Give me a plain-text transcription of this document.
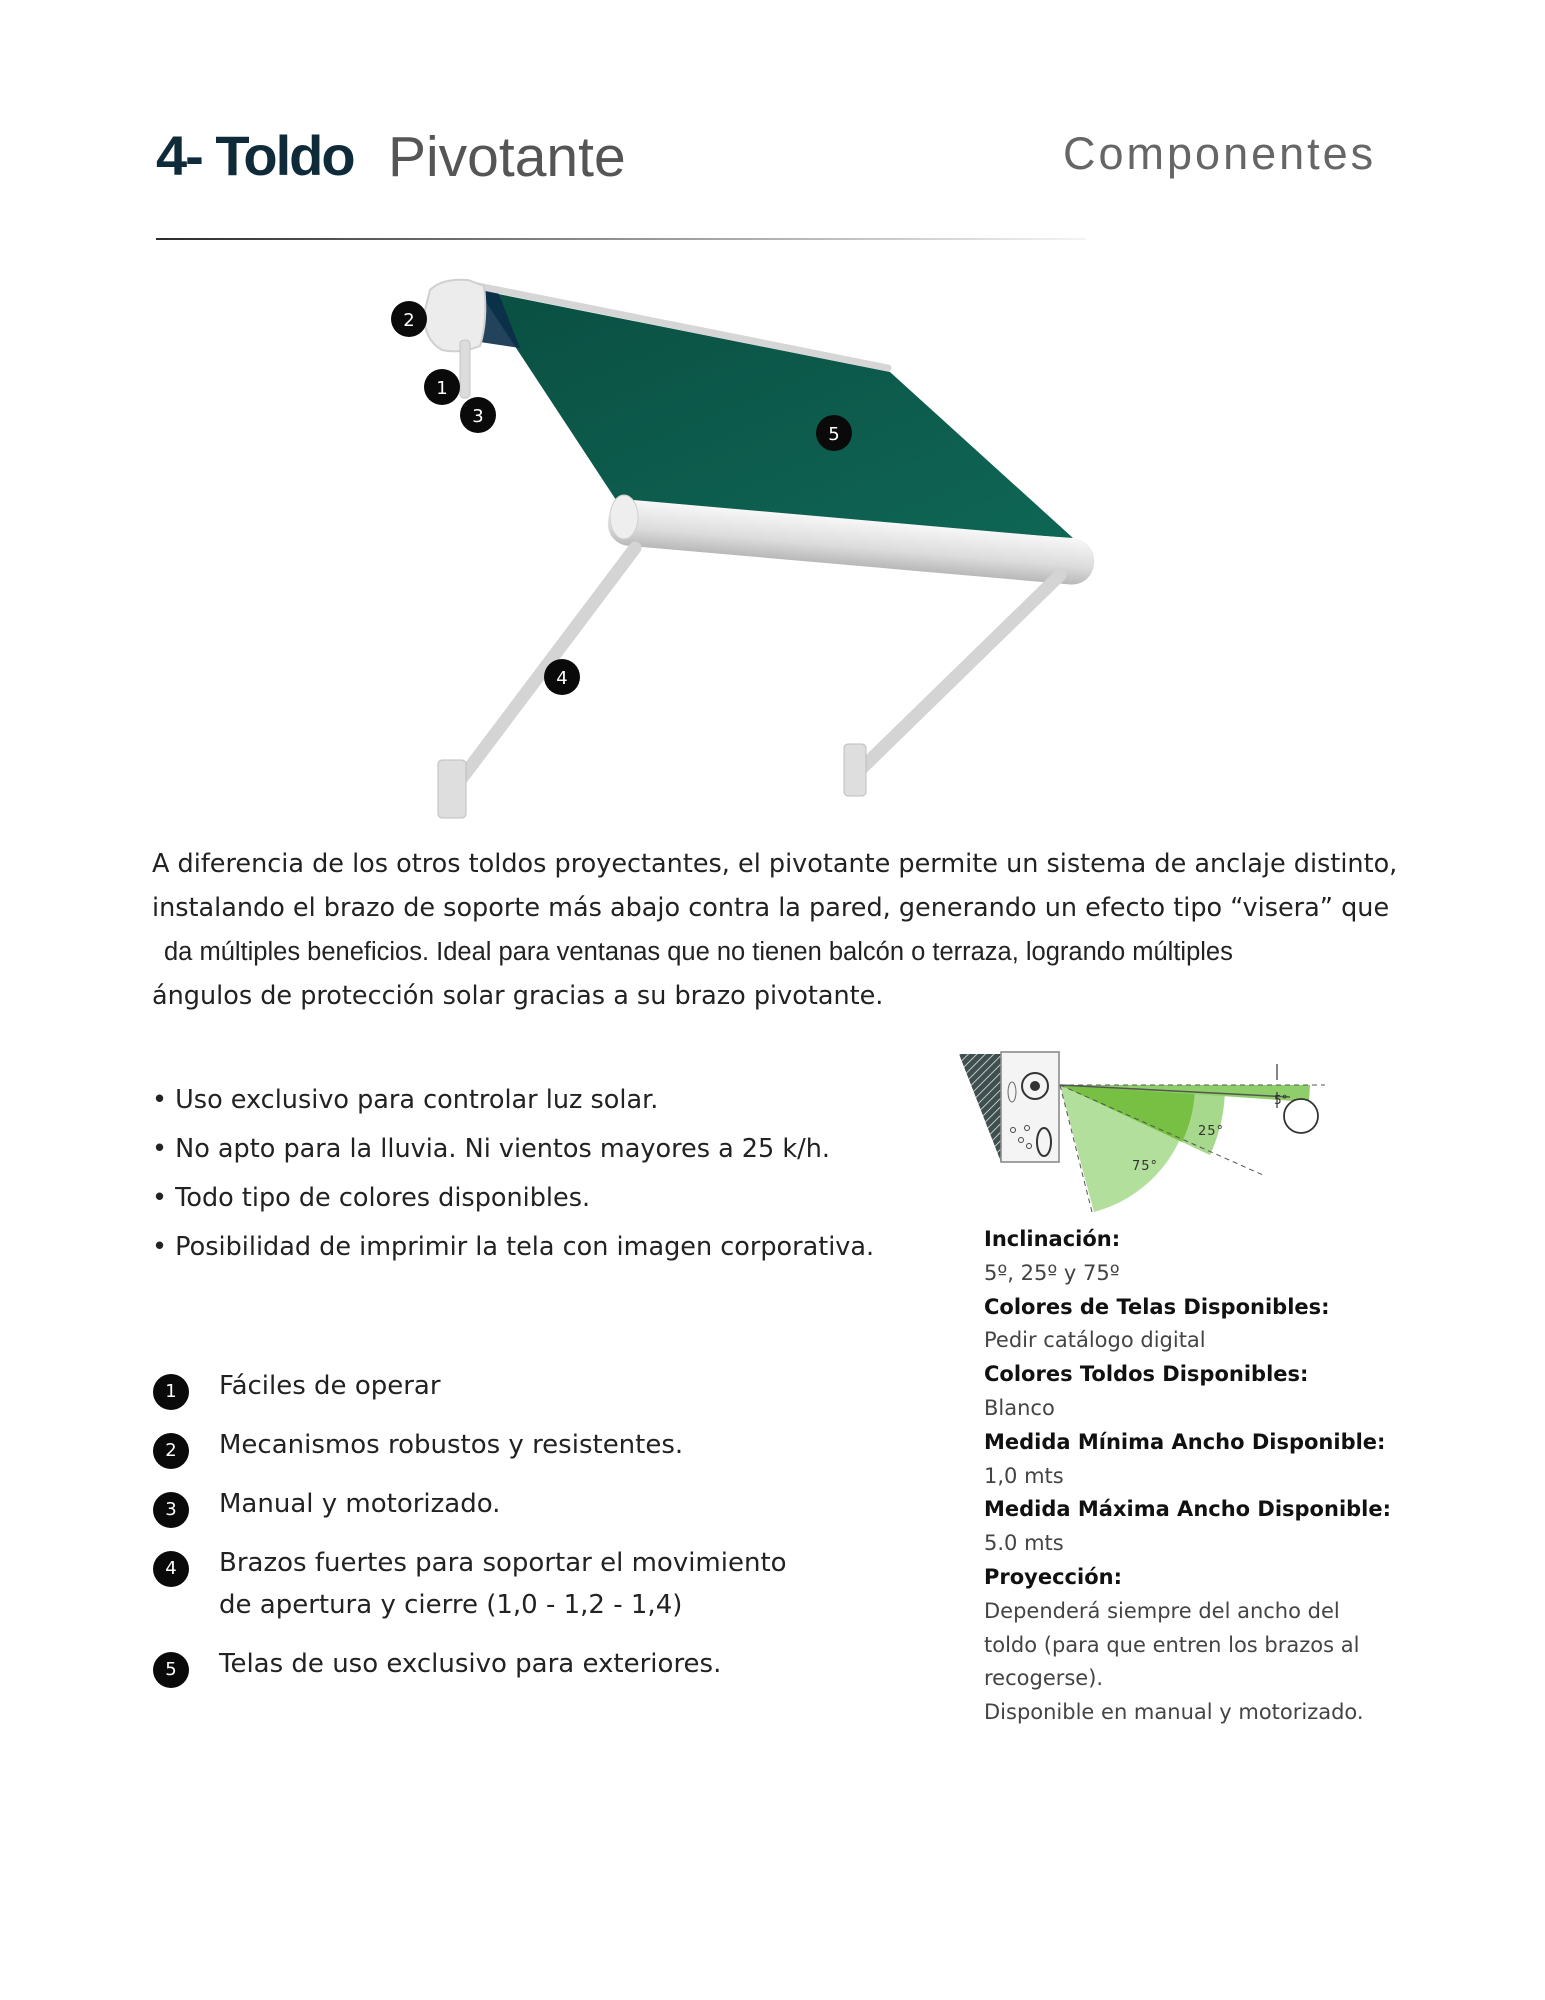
4- Toldo Pivotante	Componentes
2
1
3
5
4
A diferencia de los otros toldos proyectantes, el pivotante permite un sistema de anclaje distinto,
instalando el brazo de soporte más abajo contra la pared, generando un efecto tipo “visera” que
da múltiples beneficios. Ideal para ventanas que no tienen balcón o terraza, logrando múltiples
ángulos de protección solar gracias a su brazo pivotante.
• Uso exclusivo para controlar luz solar.
• No apto para la lluvia. Ni vientos mayores a 25 k/h.
• Todo tipo de colores disponibles.
• Posibilidad de imprimir la tela con imagen corporativa.
1	Fáciles de operar
2	Mecanismos robustos y resistentes.
3	Manual y motorizado.
4	Brazos fuertes para soportar el movimiento
de apertura y cierre (1,0 - 1,2 - 1,4)
5	Telas de uso exclusivo para exteriores.
5°
25°
75°
Inclinación:
5º, 25º y 75º
Colores de Telas Disponibles:
Pedir catálogo digital
Colores Toldos Disponibles:
Blanco
Medida Mínima Ancho Disponible:
1,0 mts
Medida Máxima Ancho Disponible:
5.0 mts
Proyección:
Dependerá siempre del ancho del
toldo (para que entren los brazos al
recogerse).
Disponible en manual y motorizado.
